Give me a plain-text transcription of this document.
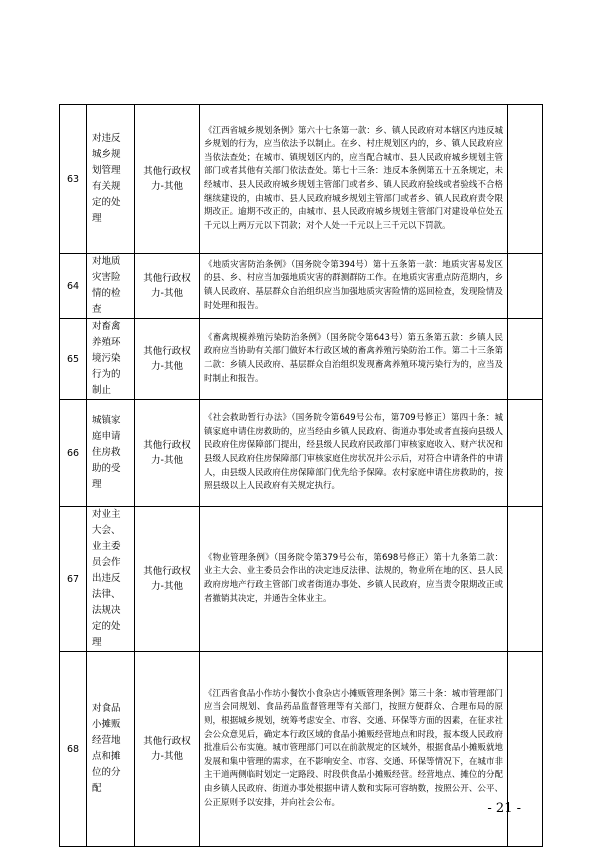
63	对违反城乡规划管理有关规定的处理	其他行政权力-其他	《江西省城乡规划条例》第六十七条第一款：乡、镇人民政府对本辖区内违反城乡规划的行为，应当依法予以制止。在乡、村庄规划区内的，乡、镇人民政府应当依法查处；在城市、镇规划区内的，应当配合城市、县人民政府城乡规划主管部门或者其他有关部门依法查处。第七十三条：违反本条例第五十五条规定，未经城市、县人民政府城乡规划主管部门或者乡、镇人民政府验线或者验线不合格继续建设的，由城市、县人民政府城乡规划主管部门或者乡、镇人民政府责令限期改正。逾期不改正的，由城市、县人民政府城乡规划主管部门对建设单位处五千元以上两万元以下罚款；对个人处一千元以上三千元以下罚款。	
64	对地质灾害险情的检查	其他行政权力-其他	《地质灾害防治条例》（国务院令第394号）第十五条第一款：地质灾害易发区的县、乡、村应当加强地质灾害的群测群防工作。在地质灾害重点防范期内，乡镇人民政府、基层群众自治组织应当加强地质灾害险情的巡回检查，发现险情及时处理和报告。	
65	对畜禽养殖环境污染行为的制止	其他行政权力-其他	《畜禽规模养殖污染防治条例》（国务院令第643号）第五条第五款：乡镇人民政府应当协助有关部门做好本行政区域的畜禽养殖污染防治工作。第二十三条第二款：乡镇人民政府、基层群众自治组织发现畜禽养殖环境污染行为的，应当及时制止和报告。	
66	城镇家庭申请住房救助的受理	其他行政权力-其他	《社会救助暂行办法》（国务院令第649号公布，第709号修正）第四十条：城镇家庭申请住房救助的，应当经由乡镇人民政府、街道办事处或者直接向县级人民政府住房保障部门提出，经县级人民政府民政部门审核家庭收入、财产状况和县级人民政府住房保障部门审核家庭住房状况并公示后，对符合申请条件的申请人，由县级人民政府住房保障部门优先给予保障。农村家庭申请住房救助的，按照县级以上人民政府有关规定执行。	
67	对业主大会、业主委员会作出违反法律、法规决定的处理	其他行政权力-其他	《物业管理条例》（国务院令第379号公布，第698号修正）第十九条第二款：业主大会、业主委员会作出的决定违反法律、法规的，物业所在地的区、县人民政府房地产行政主管部门或者街道办事处、乡镇人民政府，应当责令限期改正或者撤销其决定，并通告全体业主。	
68	对食品小摊贩经营地点和摊位的分配	其他行政权力-其他	《江西省食品小作坊小餐饮小食杂店小摊贩管理条例》第三十条：城市管理部门应当会同规划、食品药品监督管理等有关部门，按照方便群众、合理布局的原则，根据城乡规划，统筹考虑安全、市容、交通、环保等方面的因素，在征求社会公众意见后，确定本行政区域的食品小摊贩经营地点和时段，报本级人民政府批准后公布实施。城市管理部门可以在前款规定的区域外，根据食品小摊贩就地发展和集中管理的需求，在不影响安全、市容、交通、环保等情况下，在城市非主干道两侧临时划定一定路段、时段供食品小摊贩经营。经营地点、摊位的分配由乡镇人民政府、街道办事处根据申请人数和实际可容纳数，按照公开、公平、公正原则予以安排，并向社会公布。		- 21 -
